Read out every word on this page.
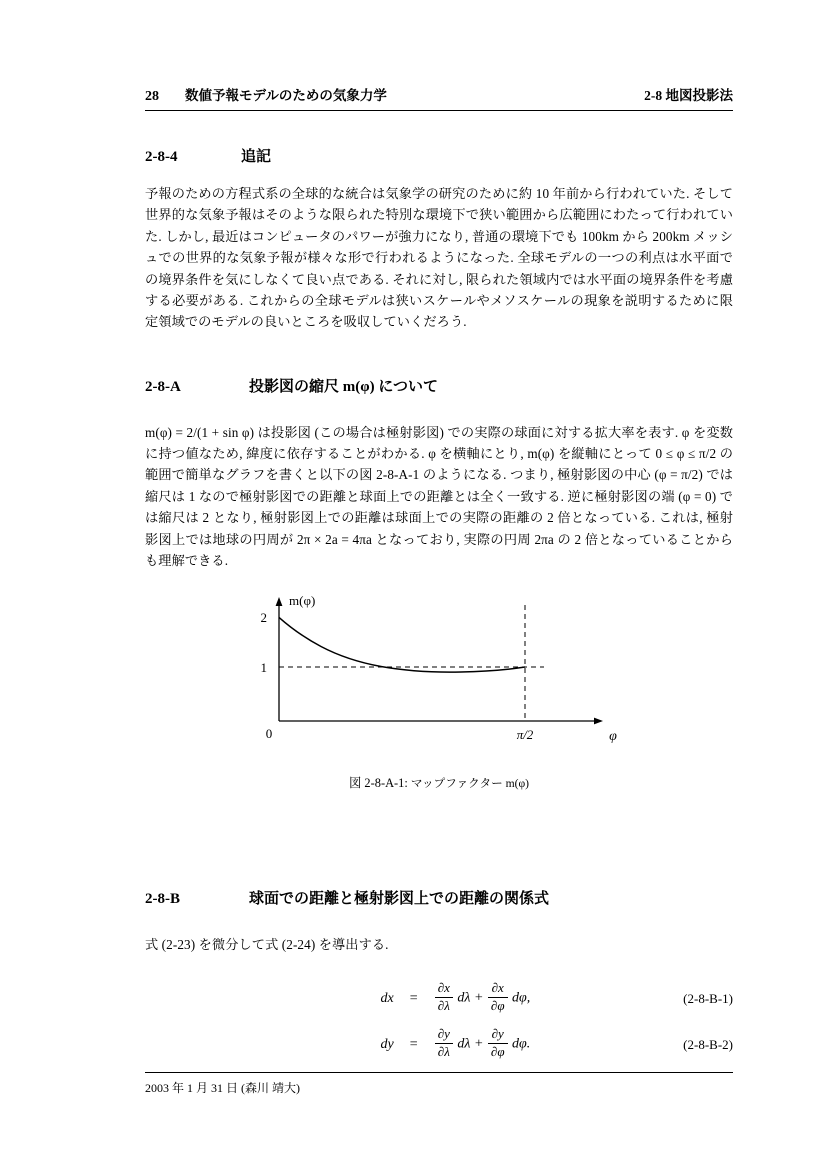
28 数値予報モデルのための気象力学	2-8 地図投影法
2-8-4	追記

予報のための方程式系の全球的な統合は気象学の研究のために約 10 年前から行われていた. そして世界的な気象予報はそのような限られた特別な環境下で狭い範囲から広範囲にわたって行われていた. しかし, 最近はコンピュータのパワーが強力になり, 普通の環境下でも 100km から 200km メッシュでの世界的な気象予報が様々な形で行われるようになった. 全球モデルの一つの利点は水平面での境界条件を気にしなくて良い点である. それに対し, 限られた領域内では水平面の境界条件を考慮する必要がある. これからの全球モデルは狭いスケールやメソスケールの現象を説明するために限定領域でのモデルの良いところを吸収していくだろう.

2-8-A	投影図の縮尺 m(φ) について

m(φ) = 2/(1 + sin φ) は投影図 (この場合は極射影図) での実際の球面に対する拡大率を表す. φ を変数に持つ値なため, 緯度に依存することがわかる. φ を横軸にとり, m(φ) を縦軸にとって 0 ≤ φ ≤ π/2 の範囲で簡単なグラフを書くと以下の図 2-8-A-1 のようになる. つまり, 極射影図の中心 (φ = π/2) では縮尺は 1 なので極射影図での距離と球面上での距離とは全く一致する. 逆に極射影図の端 (φ = 0) では縮尺は 2 となり, 極射影図上での距離は球面上での実際の距離の 2 倍となっている. これは, 極射影図上では地球の円周が 2π × 2a = 4πa となっており, 実際の円周 2πa の 2 倍となっていることからも理解できる.

2
1
0	π/2
m(φ)
φ
図 2-8-A-1: マップファクター m(φ)
2-8-B	球面での距離と極射影図上での距離の関係式

式 (2-23) を微分して式 (2-24) を導出する.

dx	=	$\frac{\partial x}{\partial\lambda}$ $d\lambda + \frac{\partial x}{\partial\varphi} d\varphi$,	(2-8-B-1)
dy	=	$\frac{\partial y}{\partial\lambda}$ $d\lambda + \frac{\partial y}{\partial\varphi} d\varphi$.	(2-8-B-2)
2003 年 1 月 31 日 (森川 靖大)
